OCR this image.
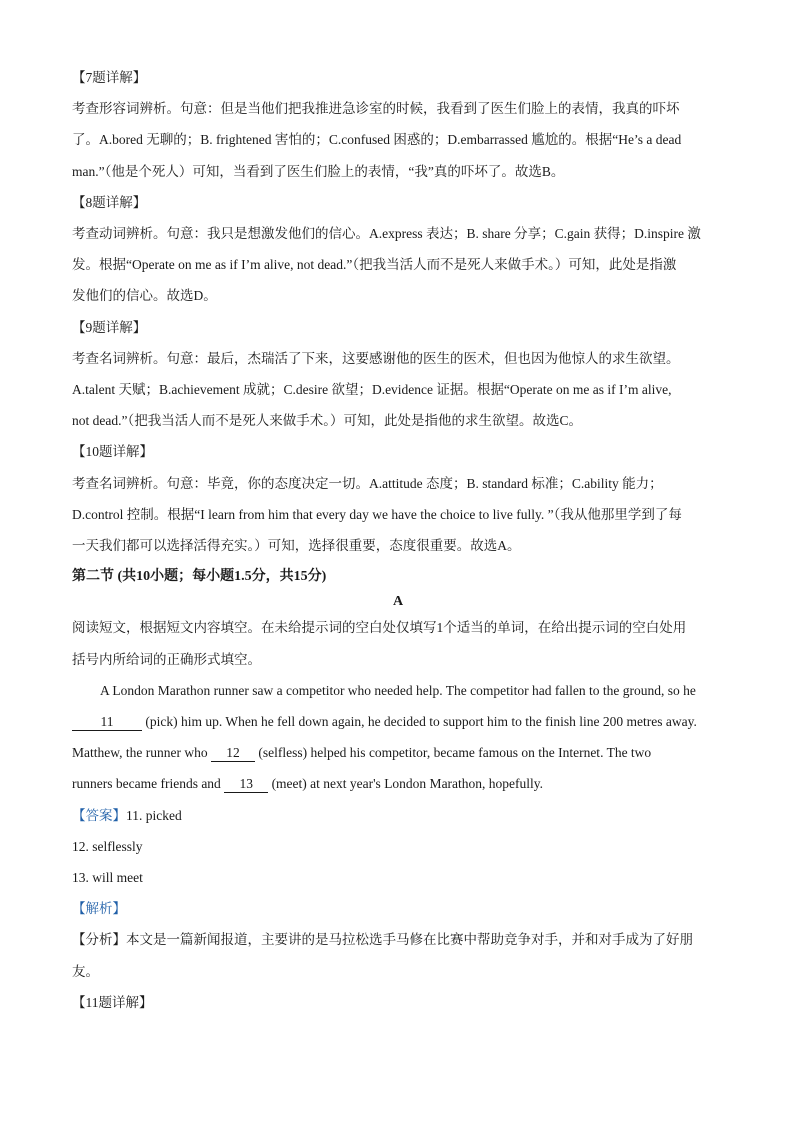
【7题详解】
考查形容词辨析。句意：但是当他们把我推进急诊室的时候，我看到了医生们脸上的表情，我真的吓坏
了。A.bored 无聊的；B. frightened 害怕的；C.confused 困惑的；D.embarrassed 尴尬的。根据“He’s a dead
man.”（他是个死人）可知，当看到了医生们脸上的表情，“我”真的吓坏了。故选B。
【8题详解】
考查动词辨析。句意：我只是想激发他们的信心。A.express 表达；B. share 分享；C.gain 获得；D.inspire 激
发。根据“Operate on me as if I’m alive, not dead.”（把我当活人而不是死人来做手术。）可知，此处是指激
发他们的信心。故选D。
【9题详解】
考查名词辨析。句意：最后，杰瑞活了下来，这要感谢他的医生的医术，但也因为他惊人的求生欲望。
A.talent 天赋；B.achievement 成就；C.desire 欲望；D.evidence 证据。根据“Operate on me as if I’m alive,
not dead.”（把我当活人而不是死人来做手术。）可知，此处是指他的求生欲望。故选C。
【10题详解】
考查名词辨析。句意：毕竟，你的态度决定一切。A.attitude 态度；B. standard 标准；C.ability 能力；
D.control 控制。根据“I learn from him that every day we have the choice to live fully. ”（我从他那里学到了每
一天我们都可以选择活得充实。）可知，选择很重要，态度很重要。故选A。
第二节 (共10小题；每小题1.5分，共15分)
A
阅读短文，根据短文内容填空。在未给提示词的空白处仅填写1个适当的单词，在给出提示词的空白处用
括号内所给词的正确形式填空。
A London Marathon runner saw a competitor who needed help. The competitor had fallen to the ground, so he
11 (pick) him up. When he fell down again, he decided to support him to the finish line 200 metres away.
Matthew, the runner who 12 (selfless) helped his competitor, became famous on the Internet. The two
runners became friends and 13 (meet) at next year's London Marathon, hopefully.
【答案】11. picked
12. selflessly
13. will meet
【解析】
【分析】本文是一篇新闻报道，主要讲的是马拉松选手马修在比赛中帮助竞争对手，并和对手成为了好朋
友。
【11题详解】
